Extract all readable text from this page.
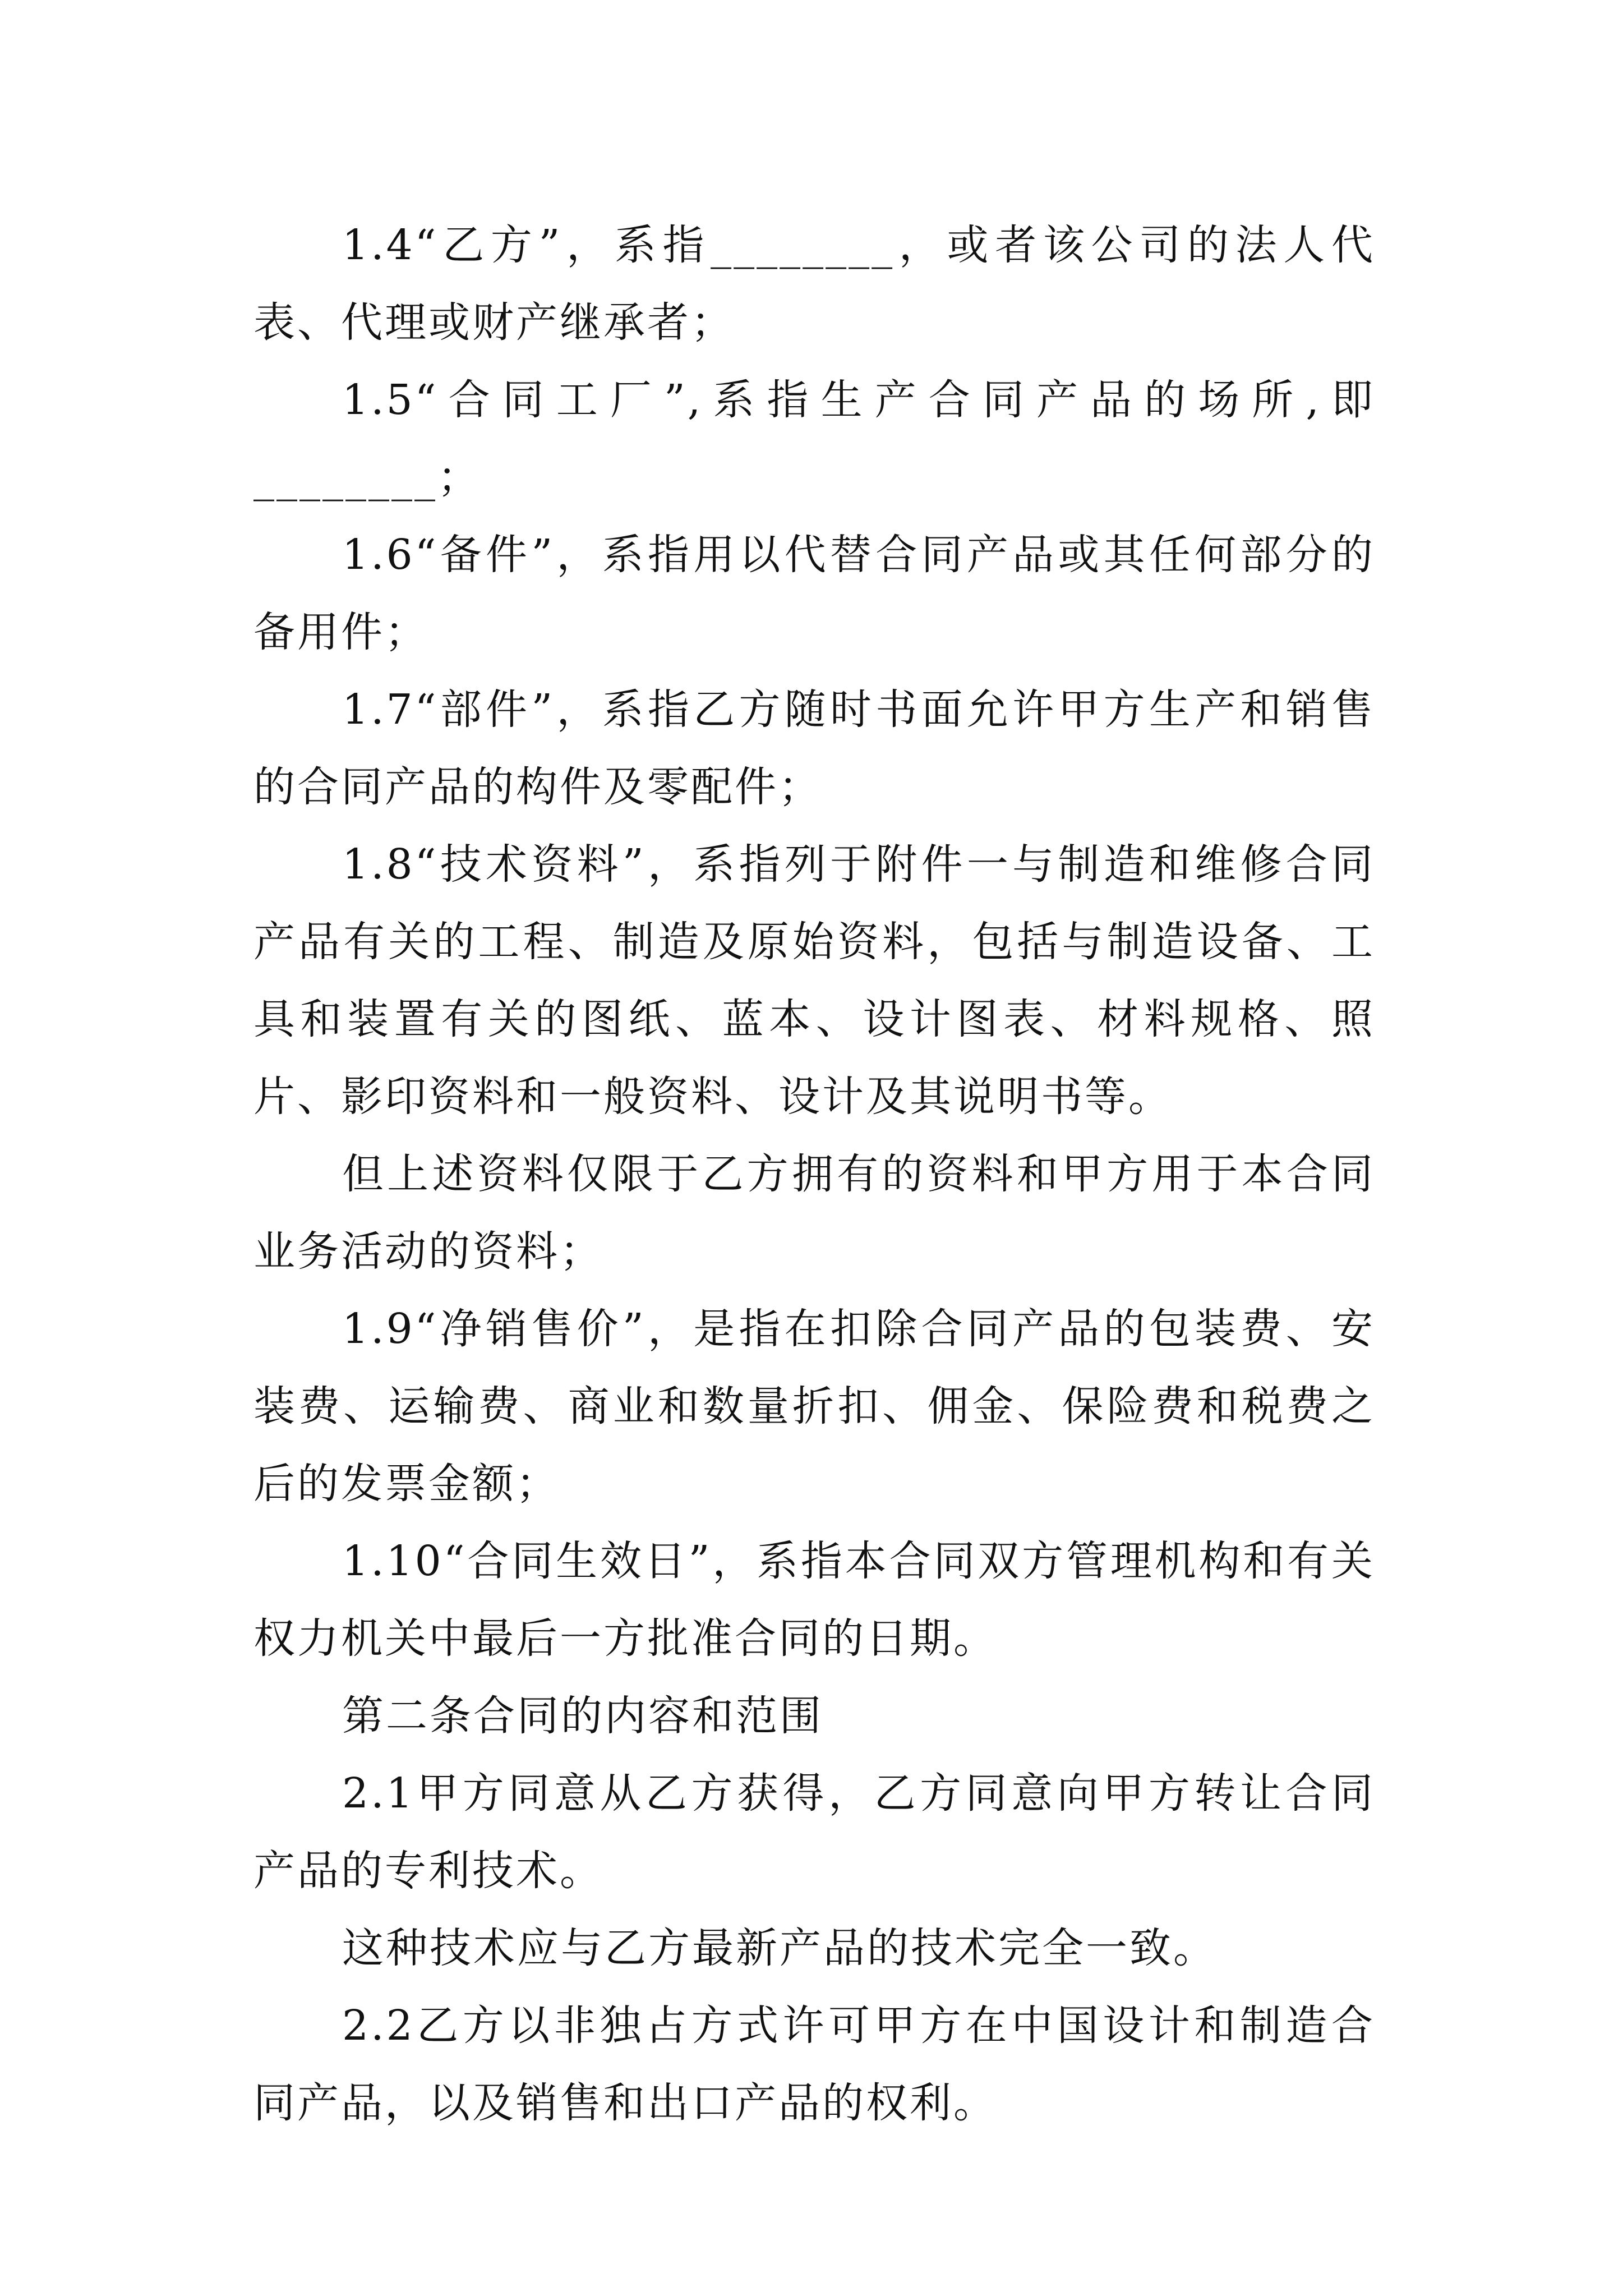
1.4“乙方”，系指________，或者该公司的法人代表、代理或财产继承者；

1.5“合同工厂”,系指生产合同产品的场所,即________；

1.6“备件”，系指用以代替合同产品或其任何部分的备用件；

1.7“部件”，系指乙方随时书面允许甲方生产和销售的合同产品的构件及零配件；

1.8“技术资料”，系指列于附件一与制造和维修合同产品有关的工程、制造及原始资料，包括与制造设备、工具和装置有关的图纸、蓝本、设计图表、材料规格、照片、影印资料和一般资料、设计及其说明书等。

但上述资料仅限于乙方拥有的资料和甲方用于本合同业务活动的资料；

1.9“净销售价”，是指在扣除合同产品的包装费、安装费、运输费、商业和数量折扣、佣金、保险费和税费之后的发票金额；

1.10“合同生效日”，系指本合同双方管理机构和有关权力机关中最后一方批准合同的日期。

第二条合同的内容和范围

2.1甲方同意从乙方获得，乙方同意向甲方转让合同产品的专利技术。

这种技术应与乙方最新产品的技术完全一致。

2.2乙方以非独占方式许可甲方在中国设计和制造合同产品，以及销售和出口产品的权利。
